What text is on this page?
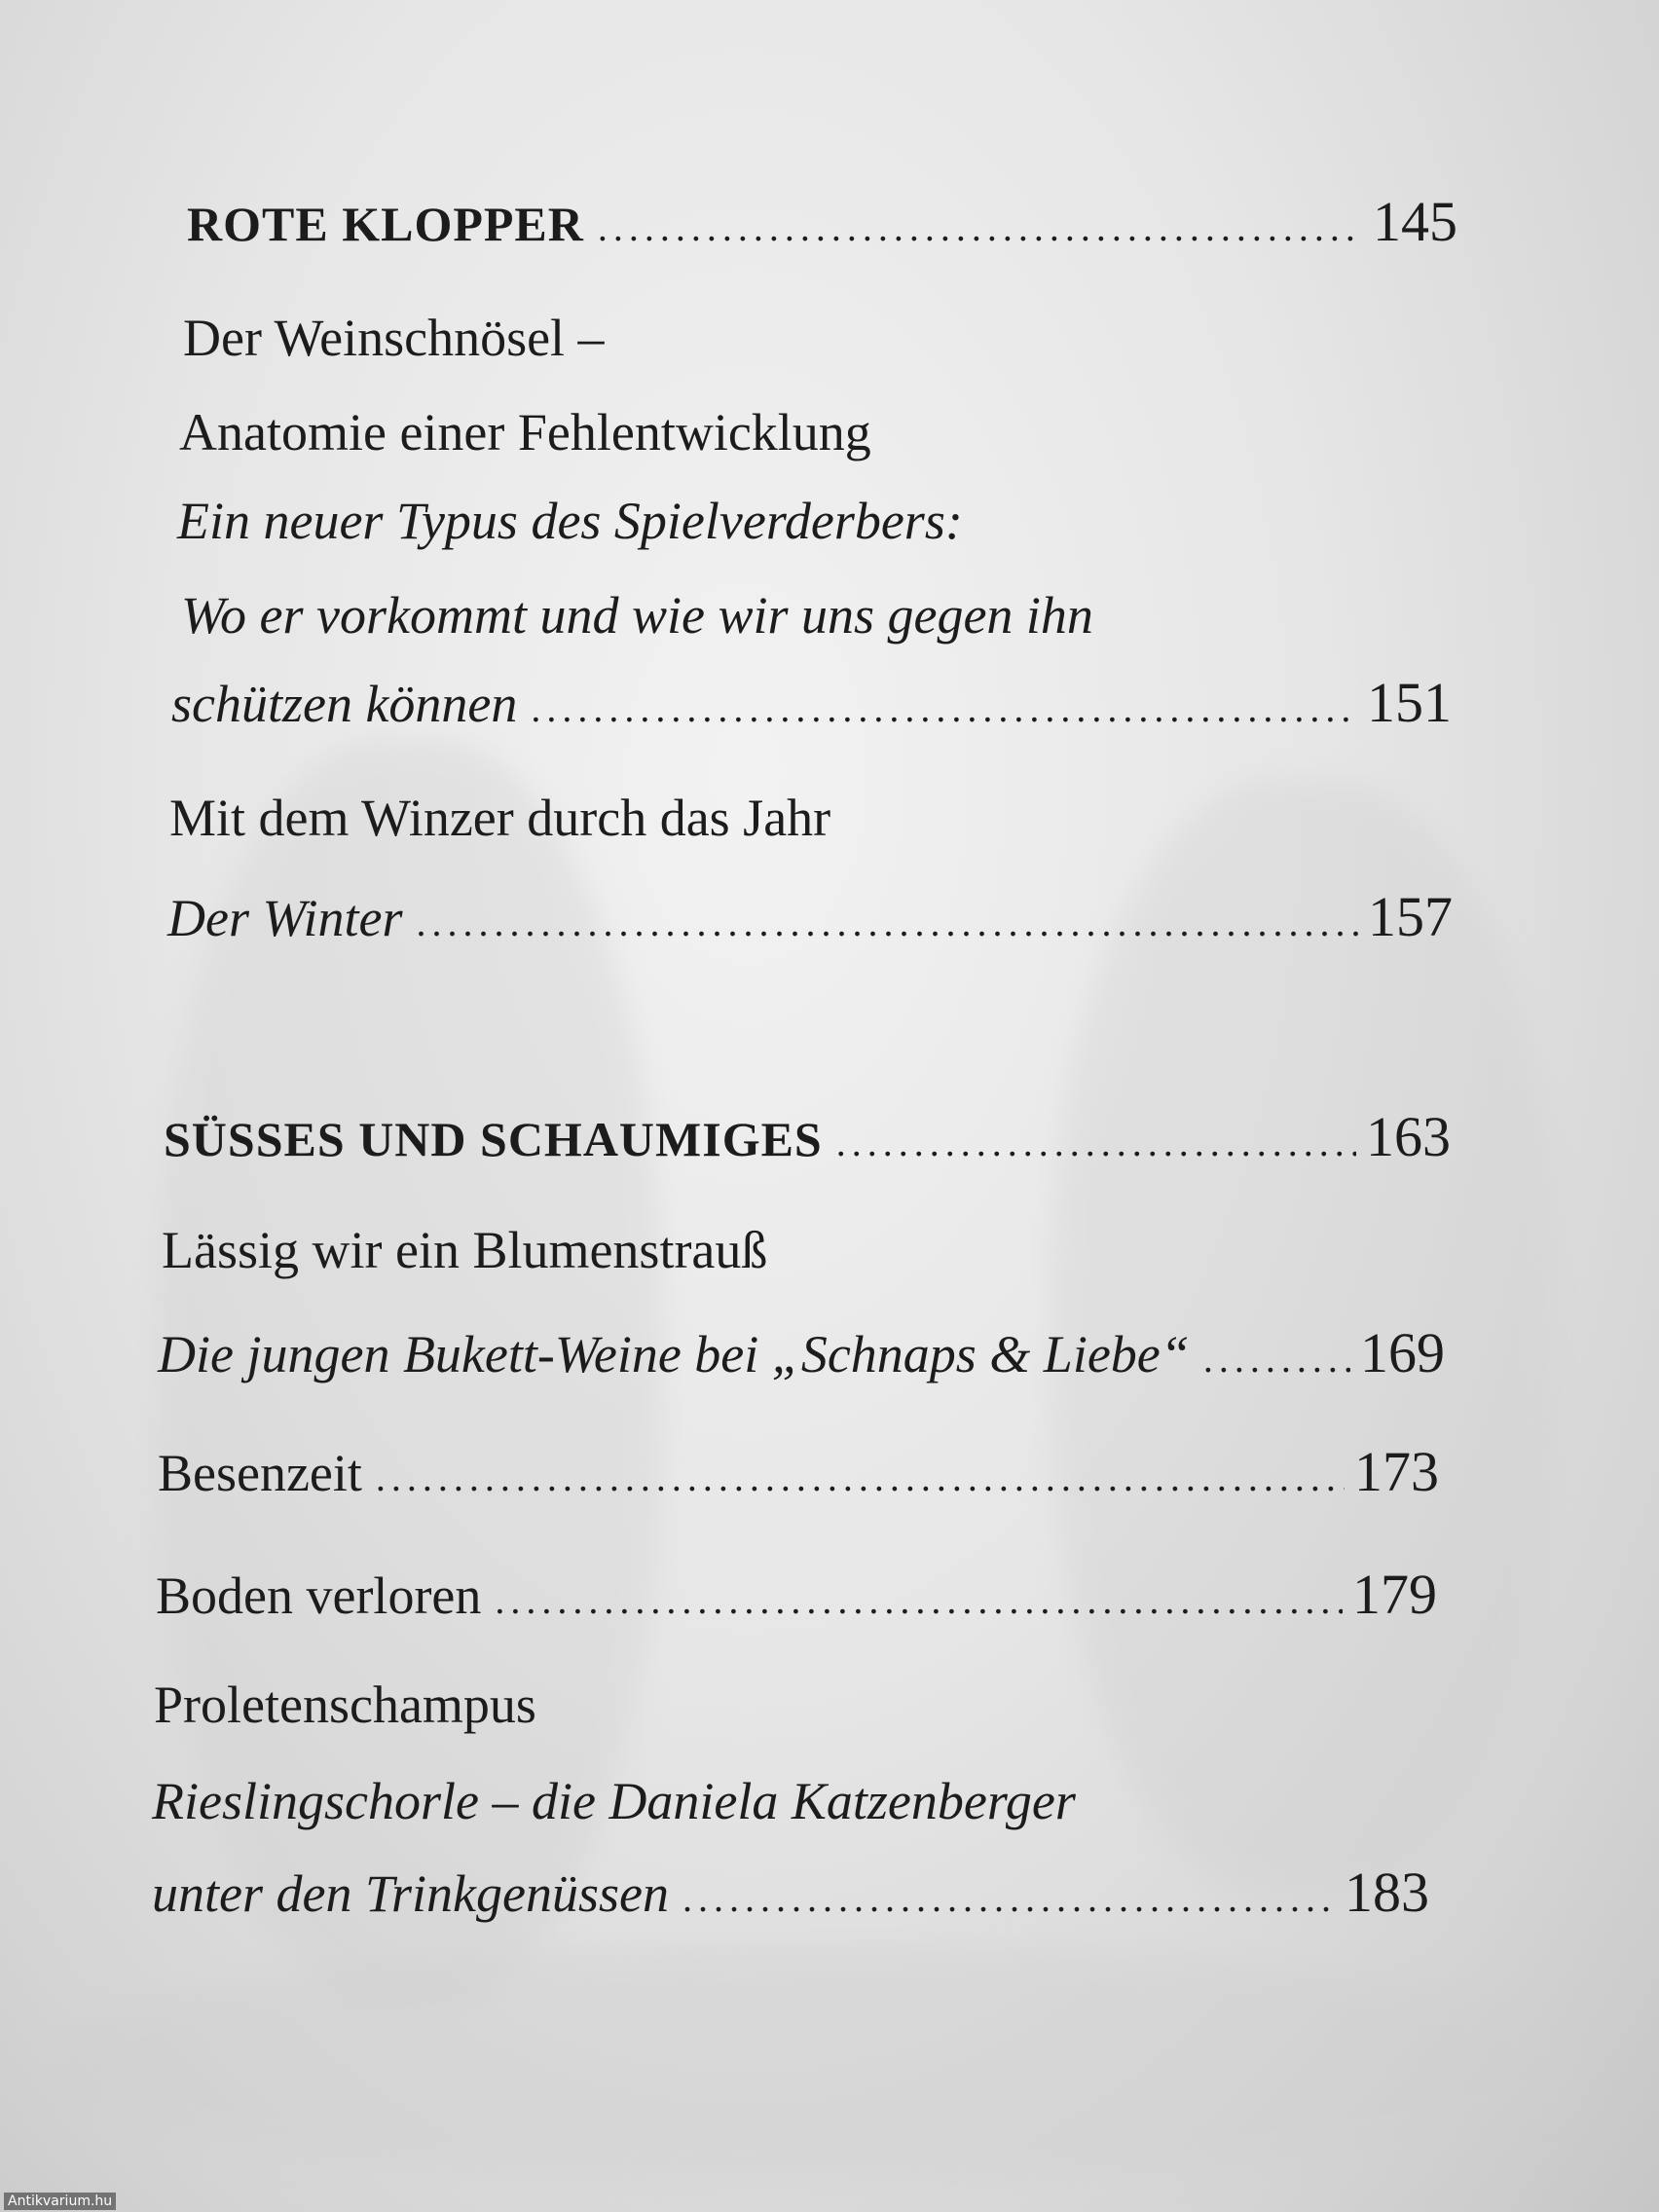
ROTE KLOPPER .....	145
Der Weinschnösel –
Anatomie einer Fehlentwicklung
Ein neuer Typus des Spielverderbers:
Wo er vorkommt und wie wir uns gegen ihn
schützen können .....	151
Mit dem Winzer durch das Jahr
Der Winter .....	157
SÜSSES UND SCHAUMIGES .....	163
Lässig wir ein Blumenstrauß
Die jungen Bukett-Weine bei „Schnaps & Liebe“ .....	169
Besenzeit .....	173
Boden verloren .....	179
Proletenschampus
Rieslingschorle – die Daniela Katzenberger
unter den Trinkgenüssen .....	183
Antikvarium.hu
